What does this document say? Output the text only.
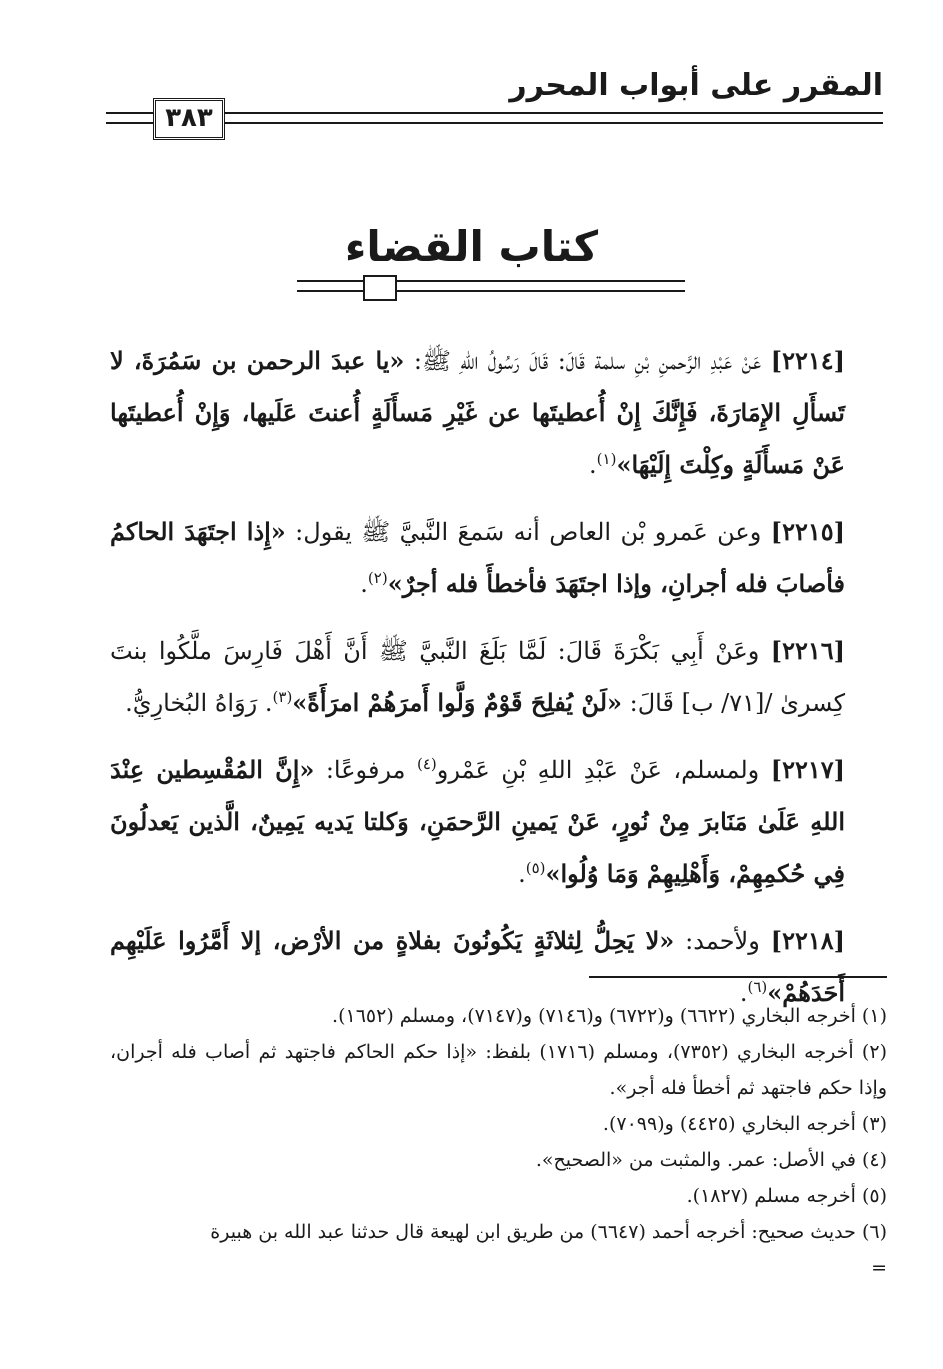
المقرر على أبواب المحرر
٣٨٣
كتاب القضاء

[٢٢١٤] عَنْ عَبْدِ الرَّحمنِ بْنِ سلمة قَالَ: قَالَ رَسُولُ اللهِ ﷺ: «يا عبدَ الرحمن بن سَمُرَةَ، لا تَسأَلِ الإِمَارَةَ، فَإِنَّكَ إِنْ أُعطيتَها عن غَيْرِ مَسأَلَةٍ أُعنتَ عَلَيها، وَإِنْ أُعطيتَها عَنْ مَسأَلَةٍ وكِلْتَ إِلَيْهَا»$^{(١)}$.

[٢٢١٥] وعن عَمرو بْن العاص أنه سَمعَ النَّبيَّ ﷺ يقول: «إِذا اجتَهَدَ الحاكمُ فأصابَ فله أجرانِ، وإذا اجتَهَدَ فأخطأَ فله أجرٌ»$^{(٢)}$.

[٢٢١٦] وعَنْ أَبِي بَكْرَةَ قَالَ: لَمَّا بَلَغَ النَّبيَّ ﷺ أَنَّ أَهْلَ فَارِسَ ملَّكُوا بنتَ كِسرىٰ /[٧١/ ب] قَالَ: «لَنْ يُفلِحَ قَوْمٌ وَلَّوا أَمرَهُمْ امرَأَةً»$^{(٣)}$. رَوَاهُ البُخارِيُّ.

[٢٢١٧] ولمسلم، عَنْ عَبْدِ اللهِ بْنِ عَمْرو$^{(٤)}$ مرفوعًا: «إِنَّ المُقْسِطين عِنْدَ اللهِ عَلَىٰ مَنَابرَ مِنْ نُورٍ، عَنْ يَمينِ الرَّحمَنِ، وَكلتا يَديه يَمِينٌ، الَّذين يَعدلُونَ فِي حُكمِهِمْ، وَأَهْلِيهِمْ وَمَا وُلُوا»$^{(٥)}$.

[٢٢١٨] ولأحمد: «لا يَحِلُّ لِثلاثَةٍ يَكُونُونَ بفلاةٍ من الأرْض، إلا أَمَّرُوا عَلَيْهِم أَحَدَهُمْ»$^{(٦)}$.

(١) أخرجه البخاري (٦٦٢٢) و(٦٧٢٢) و(٧١٤٦) و(٧١٤٧)، ومسلم (١٦٥٢).

(٢) أخرجه البخاري (٧٣٥٢)، ومسلم (١٧١٦) بلفظ: «إذا حكم الحاكم فاجتهد ثم أصاب فله أجران، وإذا حكم فاجتهد ثم أخطأ فله أجر».

(٣) أخرجه البخاري (٤٤٢٥) و(٧٠٩٩).

(٤) في الأصل: عمر. والمثبت من «الصحيح».

(٥) أخرجه مسلم (١٨٢٧).

(٦) حديث صحيح: أخرجه أحمد (٦٦٤٧) من طريق ابن لهيعة قال حدثنا عبد الله بن هبيرة

=
